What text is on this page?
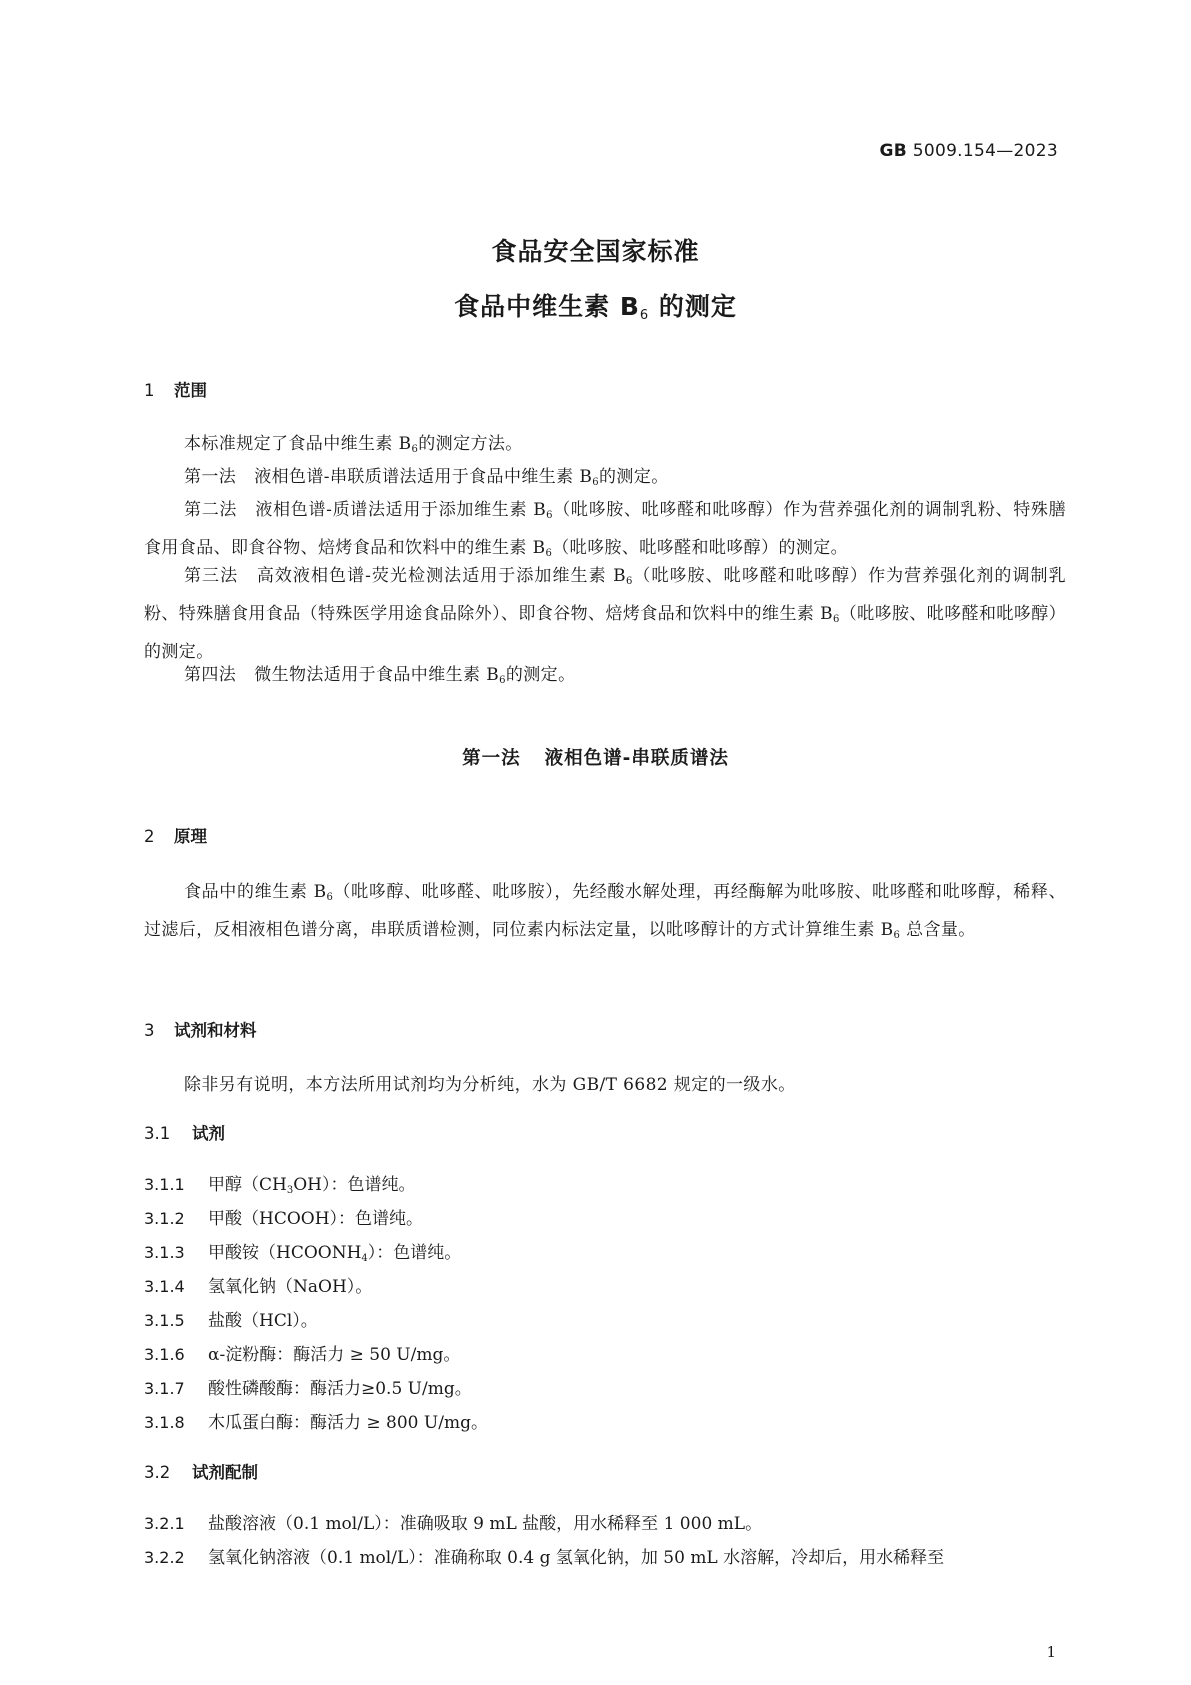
GB 5009.154—2023
食品安全国家标准
食品中维生素 $B_6$ 的测定
1 范围
本标准规定了食品中维生素 $B_6$的测定方法。
第一法 液相色谱-串联质谱法适用于食品中维生素 $B_6$的测定。
第二法 液相色谱-质谱法适用于添加维生素 $B_6$（吡哆胺、吡哆醛和吡哆醇）作为营养强化剂的调制乳粉、特殊膳食用食品、即食谷物、焙烤食品和饮料中的维生素 $B_6$（吡哆胺、吡哆醛和吡哆醇）的测定。
第三法 高效液相色谱-荧光检测法适用于添加维生素 $B_6$（吡哆胺、吡哆醛和吡哆醇）作为营养强化剂的调制乳粉、特殊膳食用食品（特殊医学用途食品除外）、即食谷物、焙烤食品和饮料中的维生素 $B_6$（吡哆胺、吡哆醛和吡哆醇）的测定。
第四法 微生物法适用于食品中维生素 $B_6$的测定。
第一法 液相色谱-串联质谱法
2 原理
食品中的维生素 $B_6$（吡哆醇、吡哆醛、吡哆胺），先经酸水解处理，再经酶解为吡哆胺、吡哆醛和吡哆醇，稀释、过滤后，反相液相色谱分离，串联质谱检测，同位素内标法定量，以吡哆醇计的方式计算维生素 $B_6$ 总含量。
3 试剂和材料
除非另有说明，本方法所用试剂均为分析纯，水为 GB/T 6682 规定的一级水。
3.1 试剂
3.1.1 甲醇$(CH_3OH)$：色谱纯。
3.1.2 甲酸（HCOOH）：色谱纯。
3.1.3 甲酸铵$(HCOONH_4)$：色谱纯。
3.1.4 氢氧化钠（NaOH）。
3.1.5 盐酸（HCl）。
3.1.6 α-淀粉酶：酶活力 ≥ 50 U/mg。
3.1.7 酸性磷酸酶：酶活力≥0.5 U/mg。
3.1.8 木瓜蛋白酶：酶活力 ≥ 800 U/mg。
3.2 试剂配制
3.2.1 盐酸溶液（0.1 mol/L）：准确吸取 9 mL 盐酸，用水稀释至 1 000 mL。
3.2.2 氢氧化钠溶液（0.1 mol/L）：准确称取 0.4 g 氢氧化钠，加 50 mL 水溶解，冷却后，用水稀释至
1
